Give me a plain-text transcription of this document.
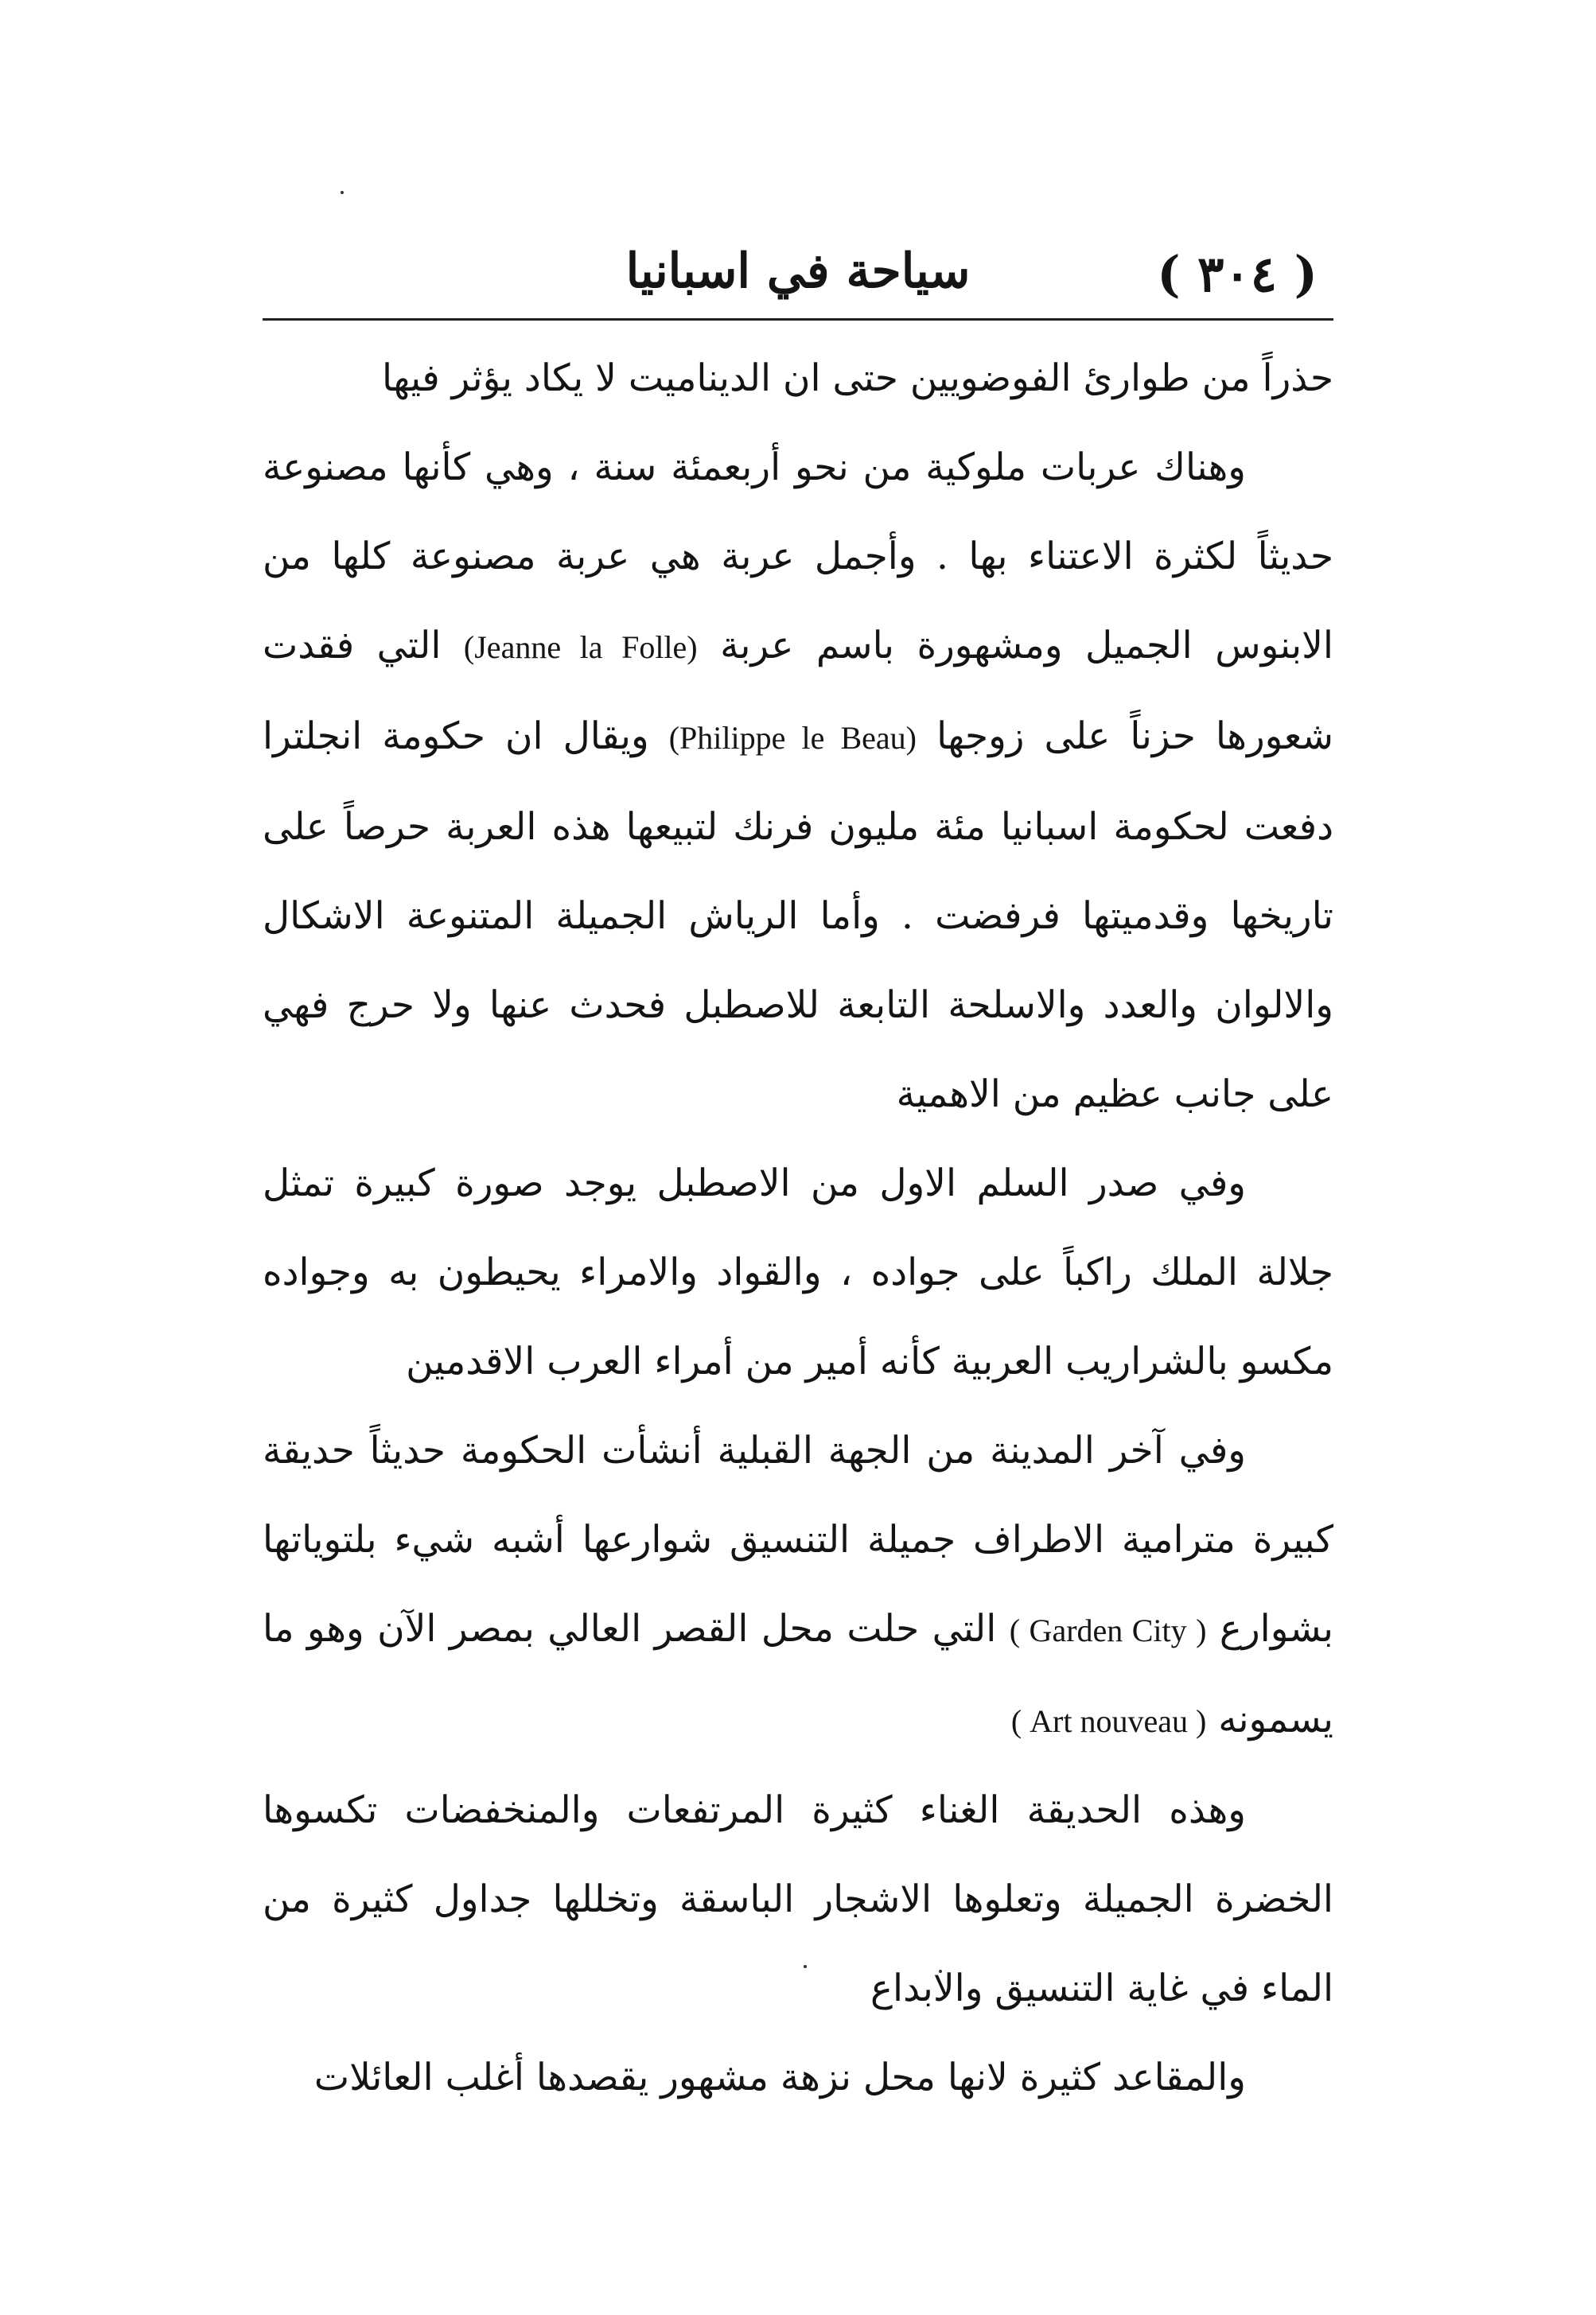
( ٣٠٤ )
سياحة في اسبانيا

حذراً من طوارئ الفوضويين حتى ان الديناميت لا يكاد يؤثر فيها

وهناك عربات ملوكية من نحو أربعمئة سنة ، وهي كأنها مصنوعة حديثاً لكثرة الاعتناء بها . وأجمل عربة هي عربة مصنوعة كلها من الابنوس الجميل ومشهورة باسم عربة (Jeanne la Folle) التي فقدت شعورها حزناً على زوجها (Philippe le Beau) ويقال ان حكومة انجلترا دفعت لحكومة اسبانيا مئة مليون فرنك لتبيعها هذه العربة حرصاً على تاريخها وقدميتها فرفضت . وأما الرياش الجميلة المتنوعة الاشكال والالوان والعدد والاسلحة التابعة للاصطبل فحدث عنها ولا حرج فهي على جانب عظيم من الاهمية

وفي صدر السلم الاول من الاصطبل يوجد صورة كبيرة تمثل جلالة الملك راكباً على جواده ، والقواد والامراء يحيطون به وجواده مكسو بالشراريب العربية كأنه أمير من أمراء العرب الاقدمين

وفي آخر المدينة من الجهة القبلية أنشأت الحكومة حديثاً حديقة كبيرة مترامية الاطراف جميلة التنسيق شوارعها أشبه شيء بلتوياتها بشوارع ( Garden City ) التي حلت محل القصر العالي بمصر الآن وهو ما يسمونه ( Art nouveau )

وهذه الحديقة الغناء كثيرة المرتفعات والمنخفضات تكسوها الخضرة الجميلة وتعلوها الاشجار الباسقة وتخللها جداول كثيرة من الماء في غاية التنسيق والابداع

والمقاعد كثيرة لانها محل نزهة مشهور يقصدها أغلب العائلات
